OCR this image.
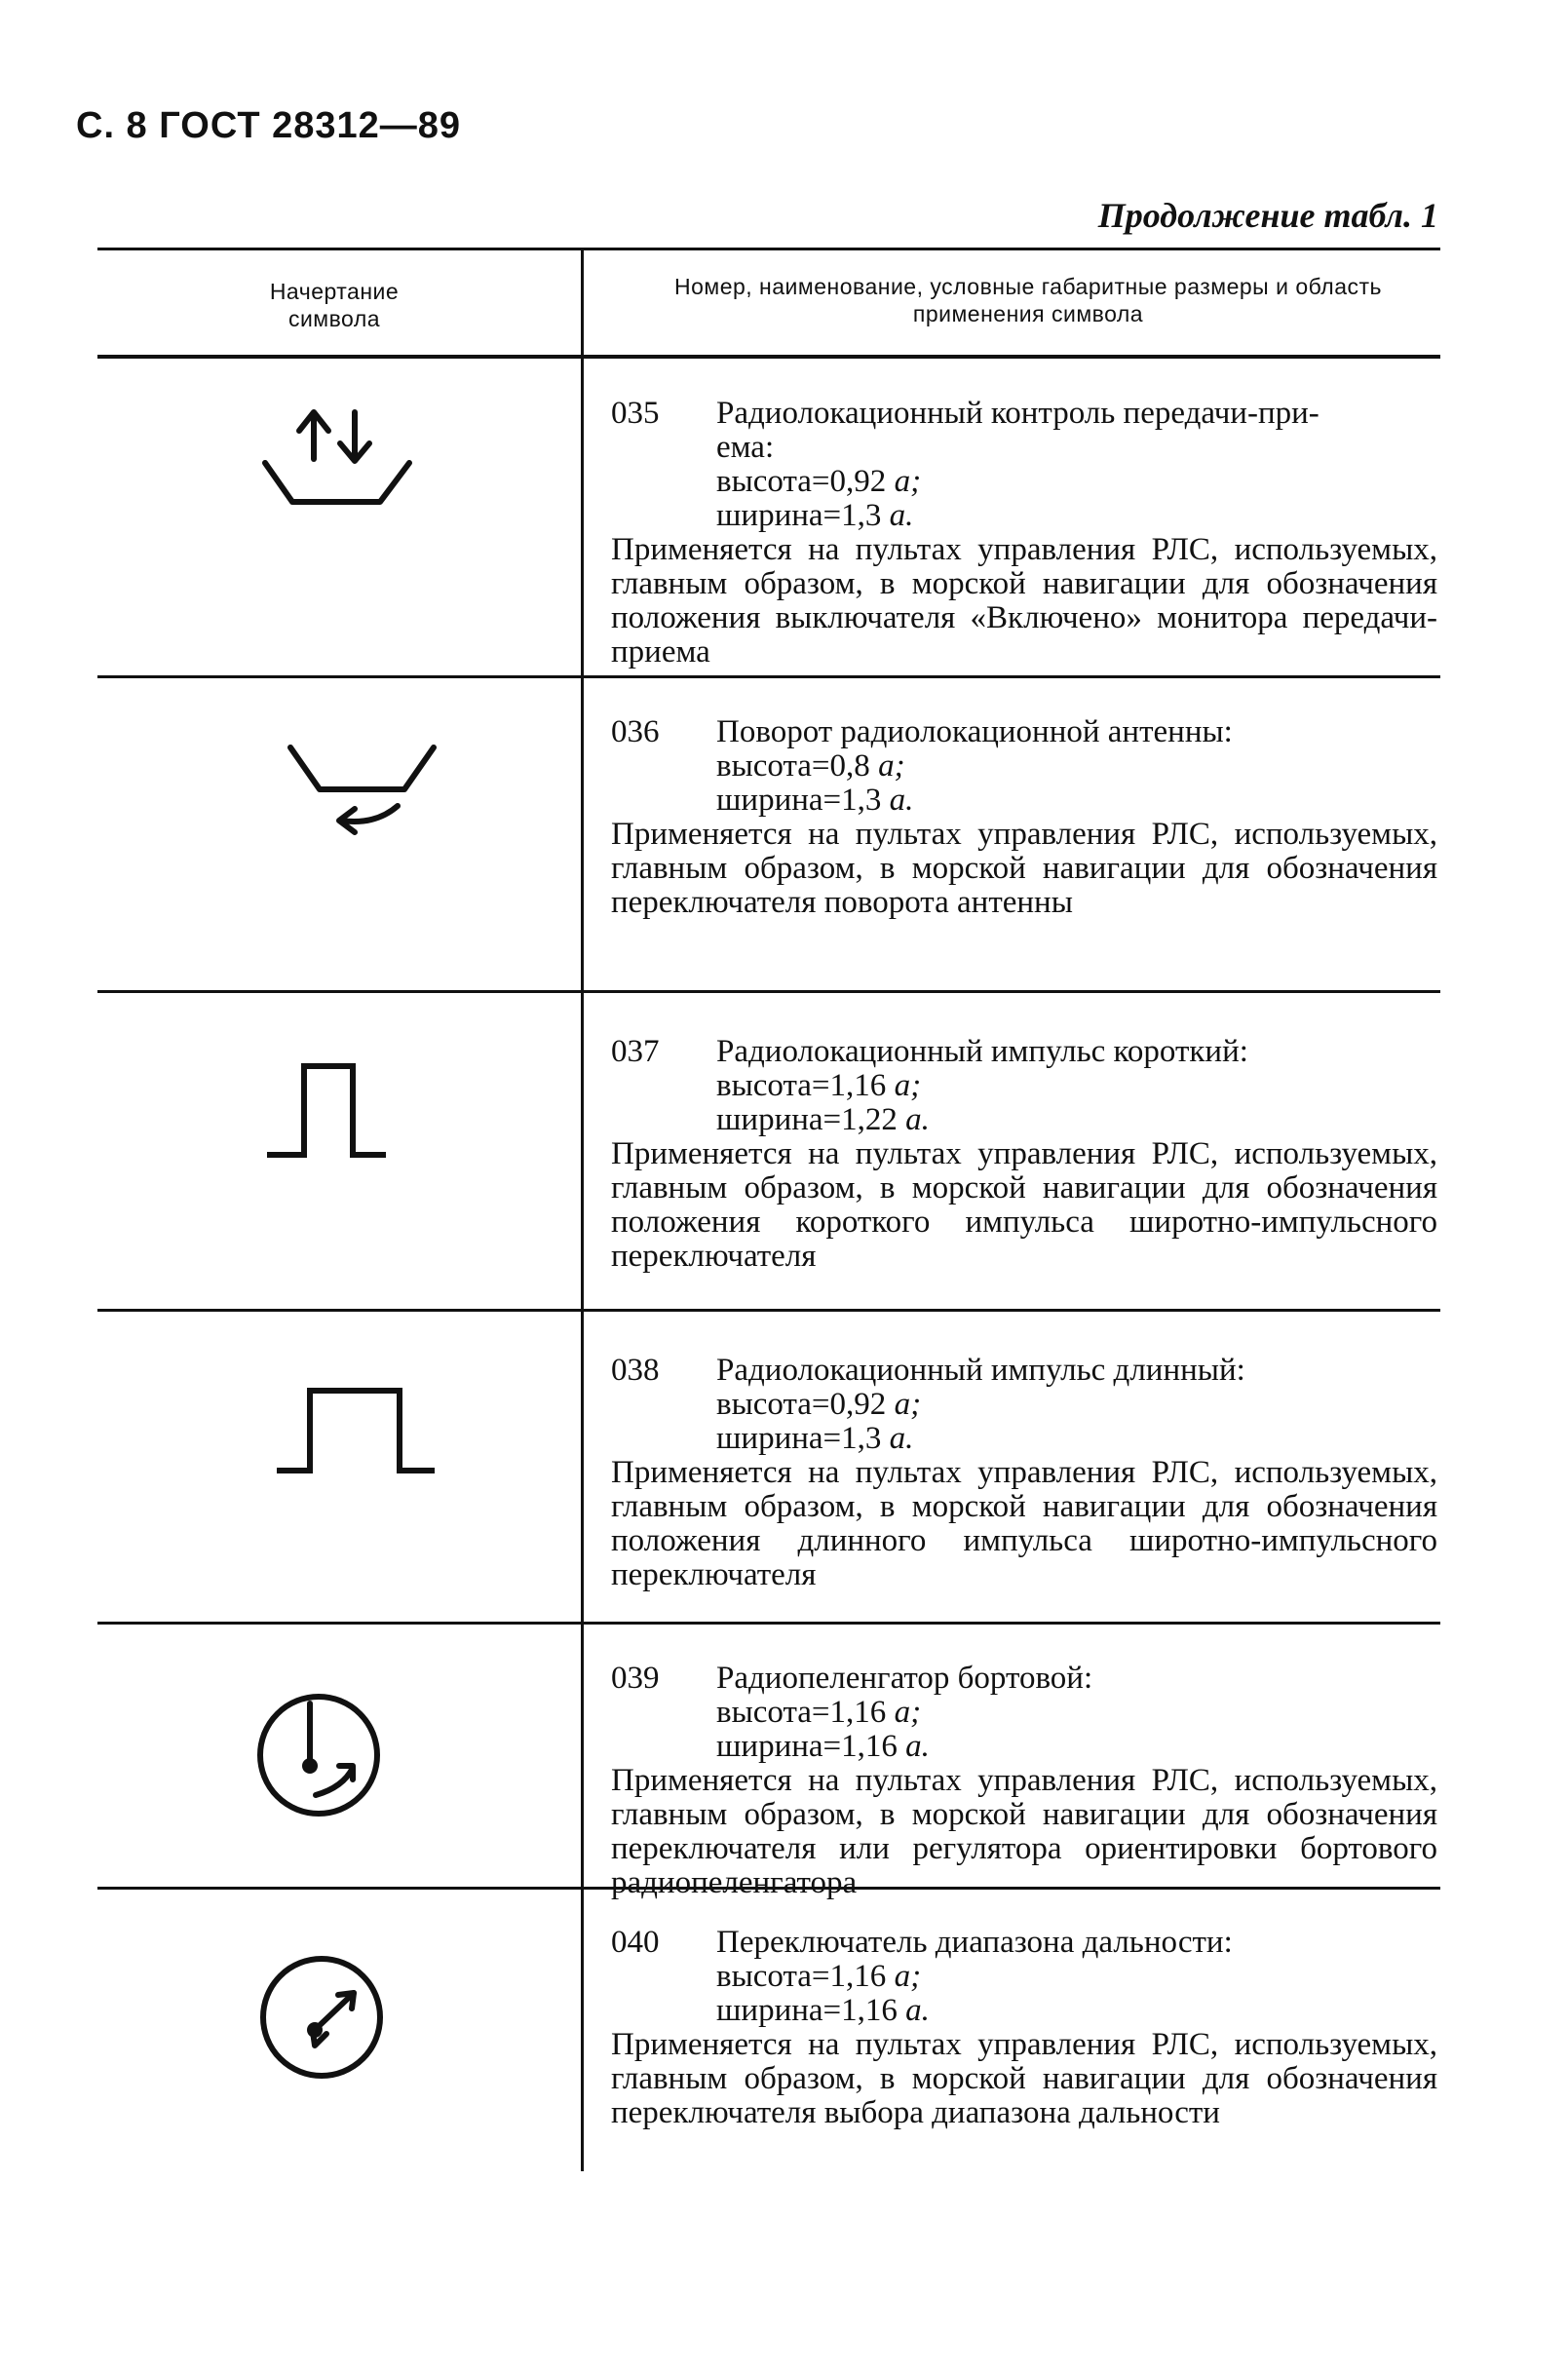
С. 8 ГОСТ 28312—89
Продолжение табл. 1
Начертание символа
Номер, наименование, условные габаритные размеры и область применения символа
035 Радиолокационный контроль передачи-при-
ема:
высота=0,92 a;
ширина=1,3 a.
Применяется на пультах управления РЛС, используемых, главным образом, в морской навигации для обозначения положения выключателя «Включено» монитора передачи-приема
036 Поворот радиолокационной антенны:
высота=0,8 a;
ширина=1,3 a.
Применяется на пультах управления РЛС, используемых, главным образом, в морской навигации для обозначения переключателя поворота антенны
037 Радиолокационный импульс короткий:
высота=1,16 a;
ширина=1,22 a.
Применяется на пультах управления РЛС, используемых, главным образом, в морской навигации для обозначения положения короткого импульса широтно-импульсного переключателя
038 Радиолокационный импульс длинный:
высота=0,92 a;
ширина=1,3 a.
Применяется на пультах управления РЛС, используемых, главным образом, в морской навигации для обозначения положения длинного импульса широтно-импульсного переключателя
039 Радиопеленгатор бортовой:
высота=1,16 a;
ширина=1,16 a.
Применяется на пультах управления РЛС, используемых, главным образом, в морской навигации для обозначения переключателя или регулятора ориентировки бортового радиопеленгатора
040 Переключатель диапазона дальности:
высота=1,16 a;
ширина=1,16 a.
Применяется на пультах управления РЛС, используемых, главным образом, в морской навигации для обозначения переключателя выбора диапазона дальности
